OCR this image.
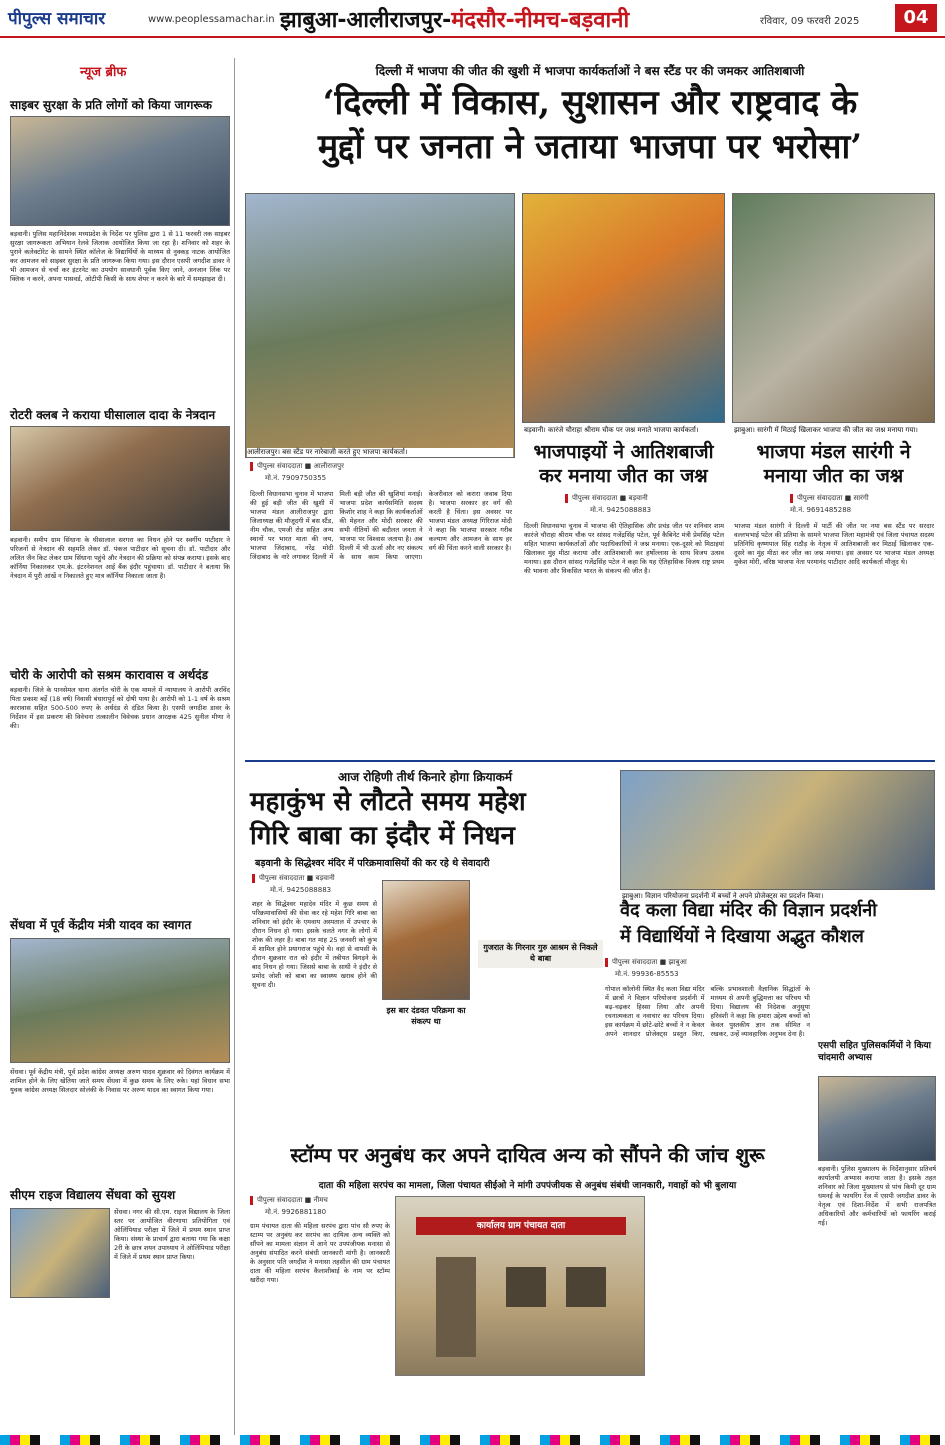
पीपुल्स समाचार	www.peoplessamachar.in झाबुआ-आलीराजपुर-मंदसौर-नीमच-बड़वानी	रविवार, 09 फरवरी 2025	04
न्यूज ब्रीफ
साइबर सुरक्षा के प्रति लोगों को किया जागरूक
बड़वानी। पुलिस महानिदेशक मध्यप्रदेश के निर्देश पर पुलिस द्वारा 1 से 11 फरवरी तक साइबर सुरक्षा जागरूकता अभियान रेलवे जिलाक आयोजित किया जा रहा है। शनिवार को शहर के पुराने कलेक्टोरेट के सामने स्थित कॉलेज के विद्यार्थियों के माध्यम से नुक्कड़ नाटक आयोजित कर आमजन को साइबर सुरक्षा के प्रति जागरूक किया गया। इस दौरान एसपी जगदीश डावर ने भी आमजन से चर्चा कर इंटरनेट का उपयोग सावधानी पूर्वक किए जाने, अनजान लिंक पर क्लिक न करने, अपना पासवर्ड, ओटीपी किसी के साथ शेयर न करने के बारे में समझाइश दी।
रोटरी क्लब ने कराया घीसालाल दादा के नेत्रदान
बड़वानी। समीप ग्राम सिंधाना के घीसालाल सरगरा का निधन होने पर स्वर्गीय पाटीदार ने परिजनों से नेत्रदान की सहमति लेकर डॉ. पंकज पाटीदार को सूचना दी। डॉ. पाटीदार और ललित जैन किट लेकर ग्राम सिंधाना पहुंचे और नेत्रदान की प्रक्रिया को संपन्न कराया। इसके बाद कॉर्निया निकालकर एम.के. इंटरनेशनल आई बैंक इंदौर पहुंचाया। डॉ. पाटीदार ने बताया कि नेत्रदान में पुरी आंखें न निकालते हुए मात्र कॉर्निया निकाला जाता है।
चोरी के आरोपी को सश्रम कारावास व अर्थदंड
बड़वानी। जिले के पानसेमल थाना अंतर्गत चोरी के एक मामले में न्यायालय ने आरोपी अरविंद पिता प्रकाश बर्ड़े (18 वर्ष) निवासी बंधारापुर्द को दोषी पाया है। आरोपी को 1-1 वर्ष के सश्रम कारावास सहित 500-500 रुपए के अर्थदंड से दंडित किया है। एसपी जगदीश डावर के निर्देशन में इस प्रकरण की विवेचना तत्कालीन विवेचक प्रधान आरक्षक 425 सुनील मीणा ने की।
सेंधवा में पूर्व केंद्रीय मंत्री यादव का स्वागत
सेंधवा। पूर्व केंद्रीय मंत्री, पूर्व प्रदेश कांग्रेस अध्यक्ष अरुण यादव शुक्रवार को दिवंगत कार्यक्रम में शामिल होने के लिए खेतिया जाते समय सेंधवा में कुछ समय के लिए रुके। यहां विधान सभा युवक कांग्रेस अध्यक्ष सिलदार सोलंकी के निवास पर अरुण यादव का स्वागत किया गया।
सीएम राइज विद्यालय सेंधवा को सुयश
सेंधवा। नगर की सी.एम. राइज विद्यालय के जिला स्तर पर आयोजित वीरणाया प्रतियोगिता एवं ओलिंपियाड परीक्षा में जिले में प्रथम स्थान प्राप्त किया। संस्था के प्राचार्य द्वारा बताया गया कि कक्षा 2री के छात्र शयन उपाध्याय ने ओलिंपियाड परीक्षा में जिले में प्रथम स्थान प्राप्त किया।
दिल्ली में भाजपा की जीत की खुशी में भाजपा कार्यकर्ताओं ने बस स्टैंड पर की जमकर आतिशबाजी
‘दिल्ली में विकास, सुशासन और राष्ट्रवाद के
मुद्दों पर जनता ने जताया भाजपा पर भरोसा’
आलीराजपुर। बस स्टैंड पर नारेबाजी करते हुए भाजपा कार्यकर्ता।
पीपुल्स संवाददाता ■ आलीराजपुर
मो.नं. 7909750355
दिल्ली विधानसभा चुनाव में भाजपा की हुई बड़ी जीत की खुशी में भाजपा मंडल आलीराजपुर द्वारा जिलाध्यक्ष की मौजूदगी में बस स्टैंड, नीम चौक, एमजी रोड सहित अन्य स्थानों पर भारत माता की जय, भाजपा जिंदाबाद, नरेंद्र मोदी जिंदाबाद के नारे लगाकर दिल्ली में मिली बड़ी जीत की खुशियां मनाई। भाजपा प्रदेश कार्यसमिति सदस्य किशोर शाह ने कहा कि कार्यकर्ताओं की मेहनत और मोदी सरकार की सभी नीतियों की बदौलत जनता ने भाजपा पर विश्वास जताया है। अब दिल्ली में भी ऊर्जा और नए संकल्प के साथ काम किया जाएगा। केजरीवाल को करारा जवाब दिया है। भाजपा सरकार हर वर्ग की करती है चिंता। इस अवसर पर भाजपा मंडल अध्यक्ष गिरिराज मोदी ने कहा कि भाजपा सरकार गरीब कल्याण और आमजन के साथ हर वर्ग की चिंता करने वाली सरकार है।
बड़वानी। कारंजे चौराहा श्रीराम चौक पर जश्न मनाते भाजपा कार्यकर्ता।
भाजपाइयों ने आतिशबाजी कर मनाया जीत का जश्न
पीपुल्स संवाददाता ■ बड़वानी
मो.नं. 9425088883
दिल्ली विधानसभा चुनाव में भाजपा की ऐतिहासिक और प्रचंड जीत पर शनिवार शाम कारंजे चौराहा श्रीराम चौक पर सांसद गजेंद्रसिंह पटेल, पूर्व कैबिनेट मंत्री प्रेमसिंह पटेल सहित भाजपा कार्यकर्ताओं और पदाधिकारियों ने जश्न मनाया। एक-दूसरे को मिठाइयां खिलाकर मुंह मीठा कराया और आतिशबाजी कर हर्षोल्लास के साथ विजय उत्सव मनाया। इस दौरान सांसद गजेंद्रसिंह पटेल ने कहा कि यह ऐतिहासिक विजय राष्ट्र प्रथम की भावना और विकसित भारत के संकल्प की जीत है।
झाबुआ। सारंगी में मिठाई खिलाकर भाजपा की जीत का जश्न मनाया गया।
भाजपा मंडल सारंगी ने मनाया जीत का जश्न
पीपुल्स संवाददाता ■ सारंगी
मो.नं. 9691485288
भाजपा मंडल सारंगी ने दिल्ली में पार्टी की जीत पर नया बस स्टैंड पर सरदार वल्लभभाई पटेल की प्रतिमा के सामने भाजपा जिला महामंत्री एवं जिला पंचायत सदस्य प्रतिनिधि कृष्णपाल सिंह राठौड़ के नेतृत्व में आतिशबाजी कर मिठाई खिलाकर एक-दूसरे का मुंह मीठा कर जीत का जश्न मनाया। इस अवसर पर भाजपा मंडल अध्यक्ष मुकेश मोरी, वरिष्ठ भाजपा नेता परमानंद पाटीदार आदि कार्यकर्ता मौजूद थे।
आज रोहिणी तीर्थ किनारे होगा क्रियाकर्म
महाकुंभ से लौटते समय महेश
गिरि बाबा का इंदौर में निधन
बड़वानी के सिद्धेश्वर मंदिर में परिक्रमावासियों की कर रहे थे सेवादारी
पीपुल्स संवाददाता ■ बड़वानी
मो.नं. 9425088883
शहर के सिद्धेश्वर महादेव मंदिर में कुछ समय से परिक्रमावासियों की सेवा कर रहे महेश गिरि बाबा का शनिवार को इंदौर के एमवाय अस्पताल में उपचार के दौरान निधन हो गया। इसके चलते नगर के लोगों में शोक की लहर है। बाबा गत माह 25 जनवरी को कुंभ में शामिल होने प्रयागराज पहुंचे थे। वहां से वापसी के दौरान शुक्रवार रात को इंदौर में तबीयत बिगड़ने के बाद निधन हो गया। जिससे बाबा के साथी ने इंदौर से प्रमोद जोशी को बाबा का स्वास्थ्य खराब होने की सूचना दी।
इस बार दंडवत परिक्रमा का संकल्प था
गुजरात के गिरनार गुरु आश्रम से निकले थे बाबा
झाबुआ। विज्ञान परियोजना प्रदर्शनी में बच्चों ने अपने प्रोजेक्ट्स का प्रदर्शन किया।
वैद कला विद्या मंदिर की विज्ञान प्रदर्शनी
में विद्यार्थियों ने दिखाया अद्भुत कौशल
पीपुल्स संवाददाता ■ झाबुआ
मो.नं. 99936-85553
गोपाल कॉलोनी स्थित वैद कला विद्या मंदिर में छात्रों ने विज्ञान परियोजना प्रदर्शनी में बढ़-चढ़कर हिस्सा लिया और अपनी रचनात्मकता व नवाचार का परिचय दिया। इस कार्यक्रम में छोटे-छोटे बच्चों ने न केवल अपने शानदार प्रोजेक्ट्स प्रस्तुत किए, बल्कि प्रभावशाली वैज्ञानिक सिद्धांतों के माध्यम से अपनी बुद्धिमत्ता का परिचय भी दिया। विद्यालय की निदेशक अनुसूया हरिवंशी ने कहा कि हमारा उद्देश्य बच्चों को केवल पुस्तकीय ज्ञान तक सीमित न रखकर, उन्हें व्यावहारिक अनुभव देना है।
एसपी सहित पुलिसकर्मियों ने किया चांदमारी अभ्यास
बड़वानी। पुलिस मुख्यालय के निर्देशानुसार प्रतिवर्ष कार्यालयी अभ्यास कराया जाता है। इसके तहत शनिवार को जिला मुख्यालय से पांच किमी दूर ग्राम धमनई के फायरिंग रेंज में एसपी जगदीश डावर के नेतृत्व एवं दिशा-निर्देश में सभी राजपत्रित अधिकारियों और कर्मचारियों को फायरिंग कराई गई।
स्टॉम्प पर अनुबंध कर अपने दायित्व अन्य को सौंपने की जांच शुरू
दाता की महिला सरपंच का मामला, जिला पंचायत सीईओ ने मांगी उपपंजीयक से अनुबंध संबंधी जानकारी, गवाहों को भी बुलाया
पीपुल्स संवाददाता ■ नीमच
मो.नं. 9926881180
ग्राम पंचायत दाता की महिला सरपंच द्वारा पांच सौ रुपए के स्टाम्प पर अनुबंध कर सरपंच का दायित्व अन्य व्यक्ति को सौंपने का मामला संज्ञान में आने पर उपपंजीयक मनासा से अनुबंध संपादित करने संबंधी जानकारी मांगी है। जानकारी के अनुसार पति जगदीश ने मनासा तहसील की ग्राम पंचायत दाता की महिला सरपंच कैलाशीबाई के नाम पर स्टॉम्प खरीदा गया।
कार्यालय ग्राम पंचायत दाता
